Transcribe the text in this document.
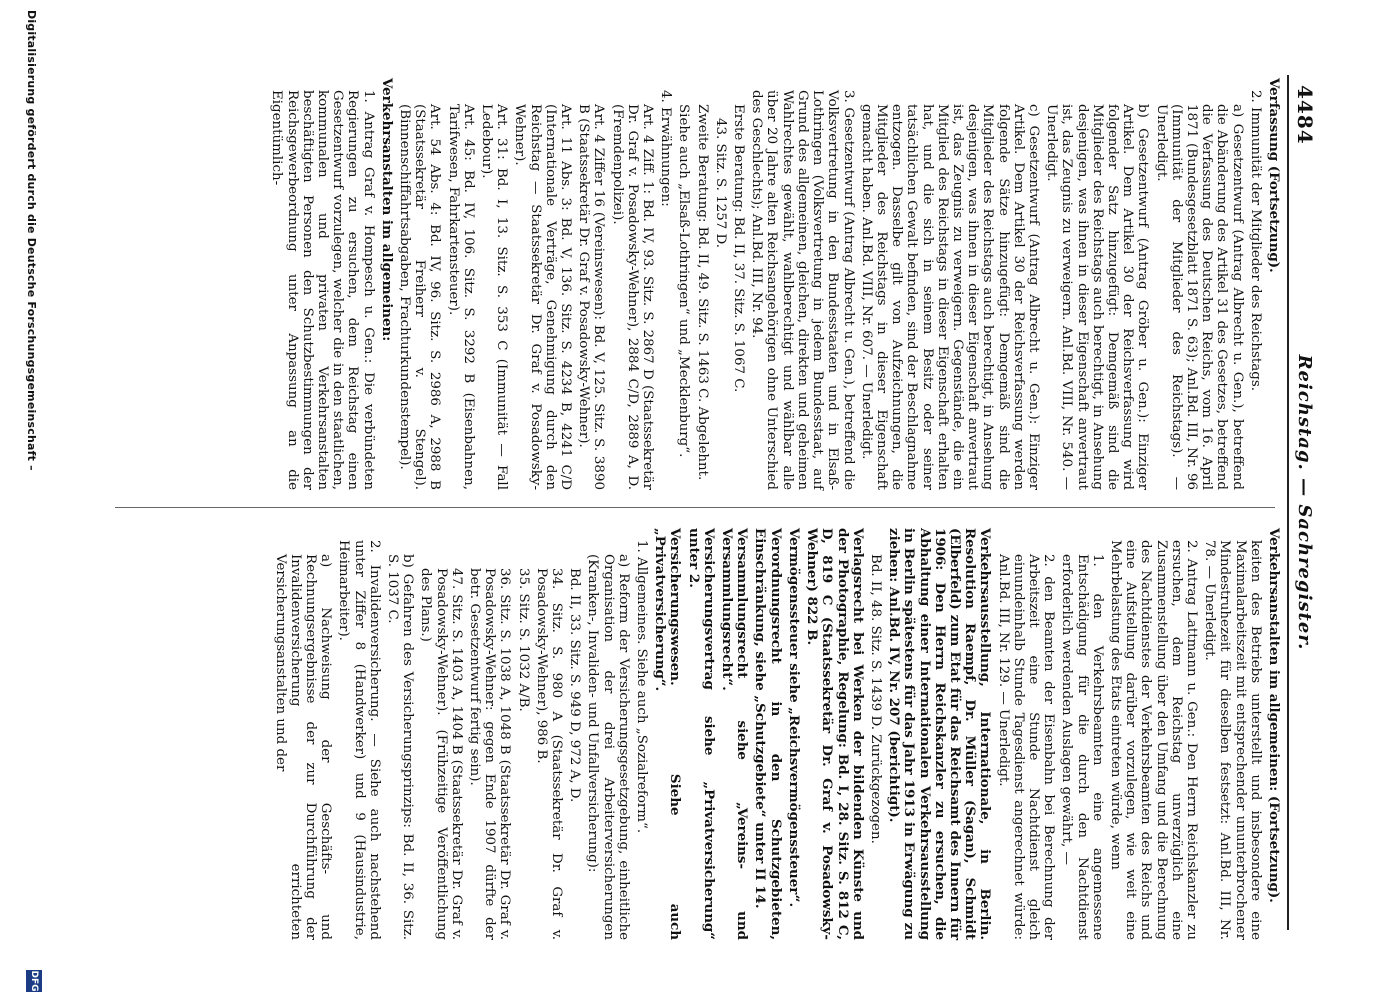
4484
Reichstag. — Sachregister.

Verfassung (Fortsetzung).

2. Immunität der Mitglieder des Reichstags.

a) Gesetzentwurf (Antrag Albrecht u. Gen.), betreffend die Abänderung des Artikel 31 des Gesetzes, betreffend die Verfassung des Deutschen Reichs, vom 16. April 1871 (Bundesgesetzblatt 1871 S. 63); Anl.Bd. III, Nr. 96 (Immunität der Mitglieder des Reichstags). — Unerledigt.

b) Gesetzentwurf (Antrag Gröber u. Gen.): Einziger Artikel. Dem Artikel 30 der Reichsverfassung wird folgender Satz hinzugefügt: Demgemäß sind die Mitglieder des Reichstags auch berechtigt, in Ansehung desjenigen, was ihnen in dieser Eigenschaft anvertraut ist, das Zeugnis zu verweigern. Anl.Bd. VIII, Nr. 540. — Unerledigt.

c) Gesetzentwurf (Antrag Albrecht u. Gen.): Einziger Artikel. Dem Artikel 30 der Reichsverfassung werden folgende Sätze hinzugefügt: Demgemäß sind die Mitglieder des Reichstags auch berechtigt, in Ansehung desjenigen, was ihnen in dieser Eigenschaft anvertraut ist, das Zeugnis zu verweigern. Gegenstände, die ein Mitglied des Reichstags in dieser Eigenschaft erhalten hat, und die sich in seinem Besitz oder seiner tatsächlichen Gewalt befinden, sind der Beschlagnahme entzogen. Dasselbe gilt von Aufzeichnungen, die Mitglieder des Reichstags in dieser Eigenschaft gemacht haben. Anl.Bd. VIII, Nr. 607. — Unerledigt.

3. Gesetzentwurf (Antrag Albrecht u. Gen.), betreffend die Volksvertretung in den Bundesstaaten und in Elsaß-Lothringen (Volksvertretung in jedem Bundesstaat, auf Grund des allgemeinen, gleichen, direkten und geheimen Wahlrechtes gewählt, wahlberechtigt und wählbar alle über 20 Jahre alten Reichsangehörigen ohne Unterschied des Geschlechts); Anl.Bd. III, Nr. 94.

Erste Beratung: Bd. II, 37. Sitz. S. 1067 C.

43. Sitz. S. 1257 D.

Zweite Beratung: Bd. II, 49. Sitz. S. 1463 C. Abgelehnt.

Siehe auch „Elsaß-Lothringen“ und „Mecklenburg“.

4. Erwähnungen:

Art. 4 Ziff. 1: Bd. IV, 93. Sitz. S. 2867 D (Staatssekretär Dr. Graf v. Posadowsky-Wehner), 2884 C/D, 2889 A, D. (Fremdenpolizei).

Art. 4 Ziffer 16 (Vereinswesen): Bd. V, 125. Sitz. S. 3890 B (Staatssekretär Dr. Graf v. Posadowsky-Wehner).

Art. 11 Abs. 3: Bd. V, 136. Sitz. S. 4234 B, 4241 C/D (Internationale Verträge, Genehmigung durch den Reichstag — Staatssekretär Dr. Graf v. Posadowsky-Wehner).

Art. 31: Bd. I, 13. Sitz. S. 353 C (Immunität — Fall Ledebour).

Art. 45: Bd. IV, 106. Sitz. S. 3292 B (Eisenbahnen, Tarifwesen, Fahrkartensteuer).

Art. 54 Abs. 4: Bd. IV, 96. Sitz. S. 2986 A, 2988 B (Staatssekretär Freiherr v. Stengel). (Binnenschiffahrtsabgaben, Frachturkundenstempel).

Verkehrsanstalten im allgemeinen:

1. Antrag Graf v. Hompesch u. Gen.: Die verbündeten Regierungen zu ersuchen, dem Reichstag einen Gesetzentwurf vorzulegen, welcher die in den staatlichen, kommunalen und privaten Verkehrsanstalten beschäftigten Personen den Schutzbestimmungen der Reichsgewerbeordnung unter Anpassung an die Eigentümlich-

Verkehrsanstalten im allgemeinen: (Fortsetzung).

keiten des Betriebs unterstellt und insbesondere eine Maximalarbeitszeit mit entsprechender ununterbrochener Mindestruhezeit für dieselben festsetzt: Anl.Bd. III, Nr. 78. — Unerledigt.

2. Antrag Lattmann u. Gen.: Den Herrn Reichskanzler zu ersuchen, dem Reichstag unverzüglich eine Zusammenstellung über den Umfang und die Berechnung des Nachtdienstes der Verkehrsbeamten des Reichs und eine Aufstellung darüber vorzulegen, wie weit eine Mehrbelastung des Etats eintreten würde, wenn

1. den Verkehrsbeamten eine angemessene Entschädigung für die durch den Nachtdienst erforderlich werdenden Auslagen gewährt, —

2. den Beamten der Eisenbahn bei Berechnung der Arbeitszeit eine Stunde Nachtdienst gleich einundeinhalb Stunde Tagesdienst angerechnet würde: Anl.Bd. III, Nr. 129. — Unerledigt.

Verkehrsausstellung, Internationale, in Berlin. Resolution Raempf, Dr. Müller (Sagan), Schmidt (Elberfeld) zum Etat für das Reichsamt des Innern für 1906: Den Herrn Reichskanzler zu ersuchen, die Abhaltung einer Internationalen Verkehrsausstellung in Berlin spätestens für das Jahr 1913 in Erwägung zu ziehen: Anl.Bd. IV, Nr. 207 (berichtigt).

Bd. II, 48. Sitz. S. 1439 D. Zurückgezogen.

Verlagsrecht bei Werken der bildenden Künste und der Photographie, Regelung: Bd. I, 28. Sitz. S. 812 C, D, 819 C (Staatssekretär Dr. Graf v. Posadowsky-Wehner) 822 B.

Vermögenssteuer siehe „Reichsvermögenssteuer“.

Verordnungsrecht in den Schutzgebieten, Einschränkung, siehe „Schutzgebiete“ unter II 14.

Versammlungsrecht siehe „Vereins- und Versammlungsrecht“.

Versicherungsvertrag siehe „Privatversicherung“ unter 2.

Versicherungswesen. Siehe auch „Privatversicherung“.

1. Allgemeines. Siehe auch „Sozialreform“.

a) Reform der Versicherungsgesetzgebung, einheitliche Organisation der drei Arbeiterversicherungen (Kranken-, Invaliden- und Unfallversicherung):

Bd. II, 33. Sitz. S. 949 D, 972 A, D.

34. Sitz. S. 980 A (Staatssekretär Dr. Graf v. Posadowsky-Wehner), 986 B.

35. Sitz. S. 1032 A/B.

36. Sitz. S. 1038 A, 1048 B (Staatssekretär Dr. Graf v. Posadowsky-Wehner: gegen Ende 1907 dürfte der betr. Gesetzentwurf fertig sein).

47. Sitz. S. 1403 A, 1404 B (Staatssekretär Dr. Graf v. Posadowsky-Wehner). (Frühzeitige Veröffentlichung des Plans.)

b) Gefahren des Versicherungsprinzips: Bd. II, 36. Sitz. S. 1037 C.

2. Invalidenversicherung. — Siehe auch nachstehend unter Ziffer 8 (Handwerker) und 9 (Hausindustrie, Heimarbeiter).

a) Nachweisung der Geschäfts- und Rechnungsergebnisse der zur Durchführung der Invalidenversicherung errichteten Versicherungsanstalten und der

Digitalisierung gefördert durch die Deutsche Forschungsgemeinschaft –
DFG
